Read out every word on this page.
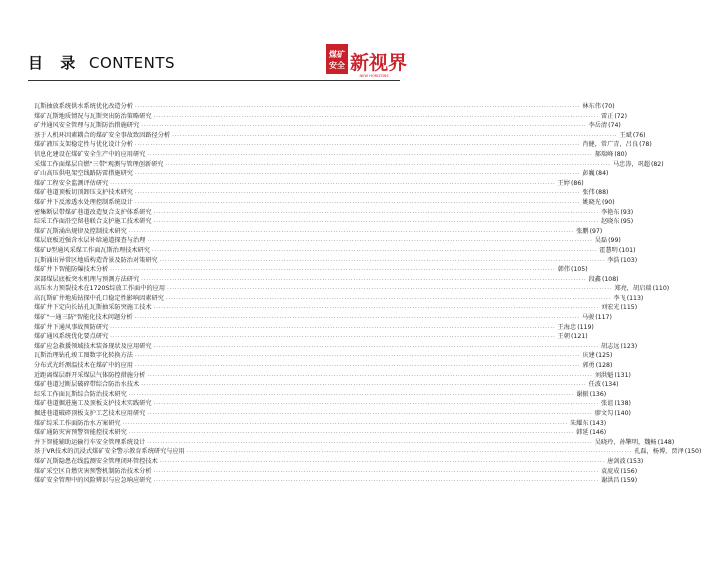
目 录 CONTENTS	煤矿
安全 新视界
NEW HORIZONS
瓦斯抽放系统供水系统优化改造分析 ·····	林东伟 (70)
煤矿瓦斯地质情况与瓦斯突出防治策略研究 ·····	雷正 (72)
矿井通风安全管理与瓦斯防治措施研究 ·····	李岳清 (74)
基于人机环因素耦合的煤矿安全事故致因路径分析 ·····	王斌 (76)
煤矿液压支架稳定性与优化设计分析 ·····	肖健，常广青，吕良 (78)
信息化建设在煤矿安全生产中的应用研究 ·····	郝瑞峰 (80)
采煤工作面煤层自燃"三带"观测与管理创新研究 ·····	马忠涛，巩超 (82)
矿山高压供电架空线路防雷措施研究 ·····	彭巍 (84)
煤矿工程安全监测评估研究 ·····	王婷 (86)
煤矿巷道顶板切顶卸压支护技术研究 ·····	张伟 (88)
煤矿井下反渗透水处理控制系统设计 ·····	姚晓光 (90)
密集断层带煤矿巷道改造复合支护体系研究 ·····	李艳东 (93)
综采工作面沿空留巷联合支护施工技术研究 ·····	赵晓东 (95)
煤矿瓦斯涌出规律及控制技术研究 ·····	张鹏 (97)
煤层底板近强含水层补给通道探查与治理 ·····	吴磊 (99)
煤矿U型通风采煤工作面瓦斯治理技术研究 ·····	霍慧明 (101)
瓦斯涌出异常区地质构造背景及防治对策研究 ·····	李浩 (103)
煤矿井下智能防爆技术分析 ·····	韩伟 (105)
深部煤层底板突水机理与预测方法研究 ·····	段鑫 (108)
高压水力预裂技术在1720S综放工作面中的应用 ·····	郑亮，胡启瑞 (110)
高瓦斯矿井地质钻探中孔口稳定性影响因素研究 ·····	李飞 (113)
煤矿井下定向长钻孔瓦斯抽采防突施工技术 ·····	刘宏光 (115)
煤矿"一通三防"智能化技术问题分析 ·····	马骏 (117)
煤矿井下通风事故预防研究 ·····	王海忠 (119)
煤矿通风系统优化要点研究 ·····	王朝 (121)
煤矿应急救援领域技术装备现状及应用研究 ·····	胡志远 (123)
瓦斯治理钻孔竣工图数字化转换方法 ·····	庆建 (125)
分布式光纤测温技术在煤矿中的应用 ·····	郭勇 (128)
近距离煤层群开采煤层气体防控措施分析 ·····	刘洪魁 (131)
煤矿巷道过断层破碎带综合防治水技术 ·····	任波 (134)
综采工作面瓦斯综合防治技术研究 ·····	谢振 (136)
煤矿巷道掘进施工及顶板支护技术实践研究 ·····	张谊 (138)
掘进巷道破碎顶板支护工艺技术应用研究 ·····	廖文勾 (140)
煤矿综采工作面防治水方案研究 ·····	朱耀东 (143)
煤矿通防灾害预警智能控技术研究 ·····	韩延 (146)
井下智能辅助运输行车安全管理系统设计 ·····	吴晓玲，孙擎明，魏畅 (148)
基于VR技术的沉浸式煤矿安全警示教育系统研究与应用 ·····	孔磊，杨博，贾泽 (150)
煤矿瓦斯隐患在线监测安全管理闭环管控技术 ·····	唐剑波 (153)
煤矿采空区自燃灾害预警机制防治技术分析 ·····	袁庞成 (156)
煤矿安全管理中的风险辨识与应急响应研究 ·····	谢洪昌 (159)
